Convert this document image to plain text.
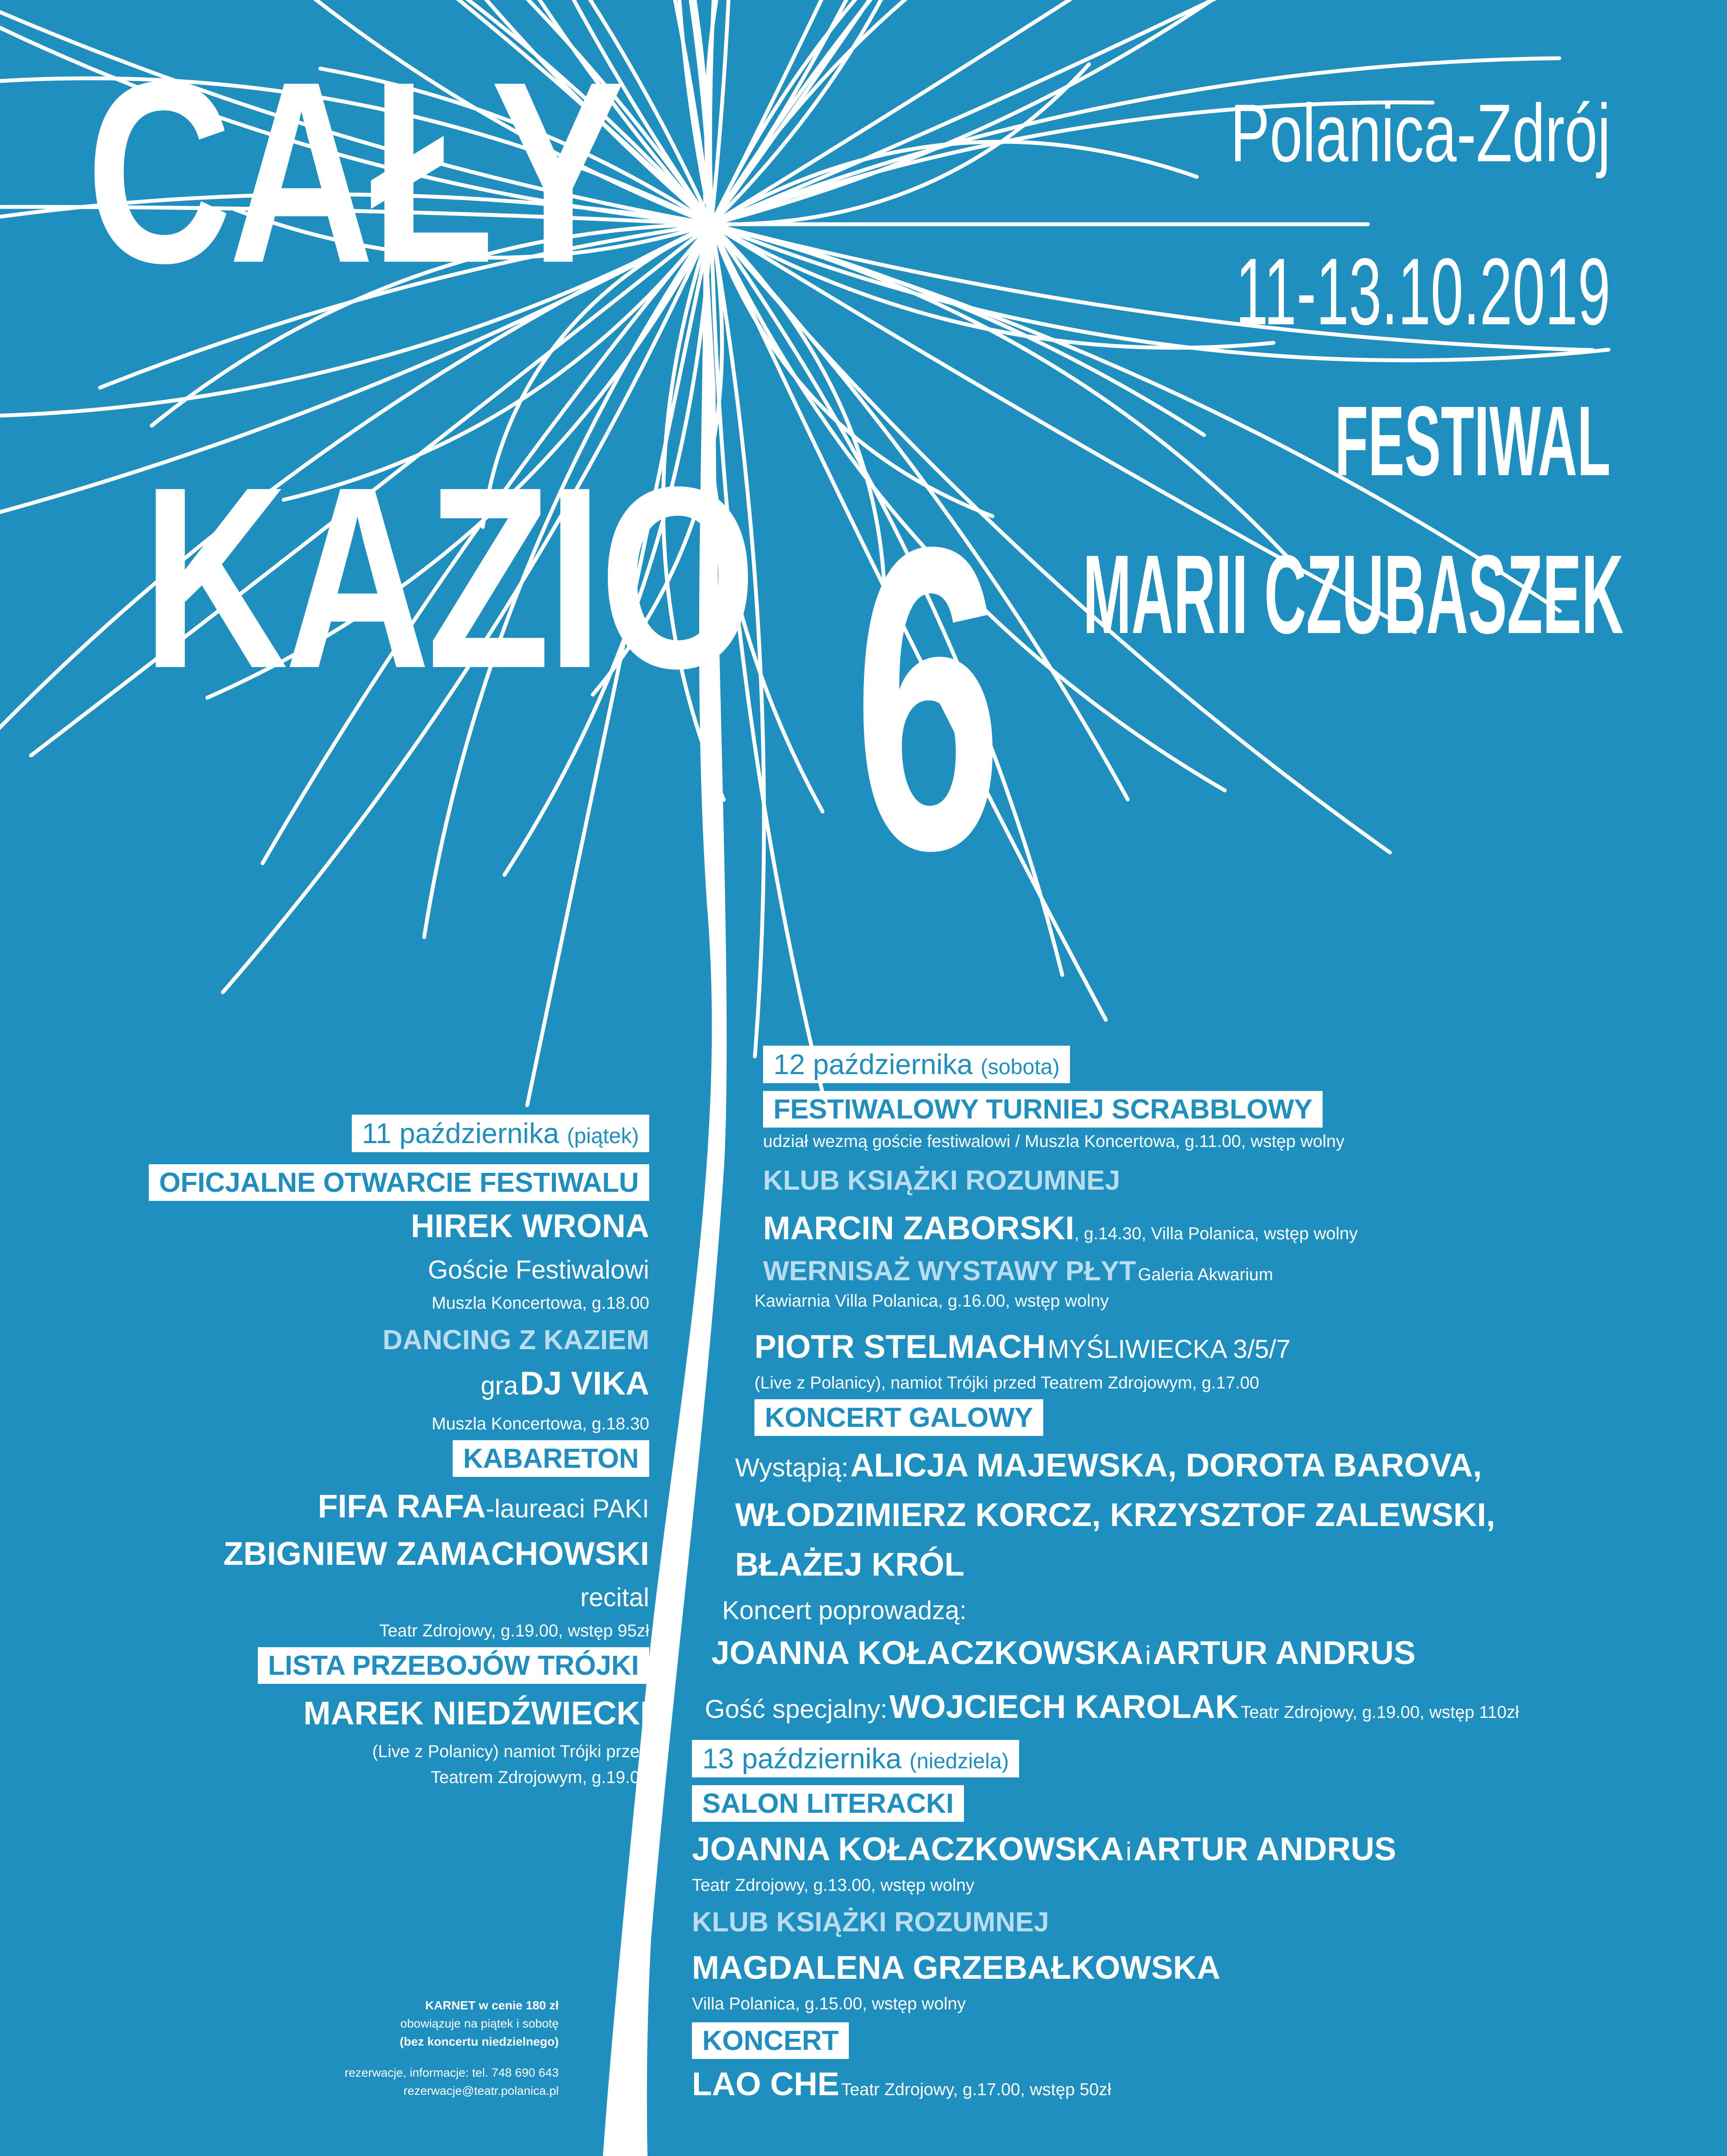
CAŁY
KAZIO 6
Polanica-Zdrój
11-13.10.2019
FESTIWAL
MARII CZUBASZEK
11 października (piątek)
OFICJALNE OTWARCIE FESTIWALU
HIREK WRONA
Goście Festiwalowi
Muszla Koncertowa, g.18.00
DANCING Z KAZIEM
gra DJ VIKA
Muszla Koncertowa, g.18.30
KABARETON
FIFA RAFA-laureaci PAKI
ZBIGNIEW ZAMACHOWSKI
recital
Teatr Zdrojowy, g.19.00, wstęp 95zł
LISTA PRZEBOJÓW TRÓJKI
MAREK NIEDŹWIECKI
(Live z Polanicy) namiot Trójki przed
Teatrem Zdrojowym, g.19.00
12 października (sobota)
FESTIWALOWY TURNIEJ SCRABBLOWY
udział wezmą goście festiwalowi / Muszla Koncertowa, g.11.00, wstęp wolny
KLUB KSIĄŻKI ROZUMNEJ
MARCIN ZABORSKI, g.14.30, Villa Polanica, wstęp wolny
WERNISAŻ WYSTAWY PŁYT Galeria Akwarium
Kawiarnia Villa Polanica, g.16.00, wstęp wolny
PIOTR STELMACH MYŚLIWIECKA 3/5/7
(Live z Polanicy), namiot Trójki przed Teatrem Zdrojowym, g.17.00
KONCERT GALOWY
Wystąpią: ALICJA MAJEWSKA, DOROTA BAROVA,
WŁODZIMIERZ KORCZ, KRZYSZTOF ZALEWSKI,
BŁAŻEJ KRÓL
Koncert poprowadzą:
JOANNA KOŁACZKOWSKA i ARTUR ANDRUS
Gość specjalny: WOJCIECH KAROLAK Teatr Zdrojowy, g.19.00, wstęp 110zł
13 października (niedziela)
SALON LITERACKI
JOANNA KOŁACZKOWSKA i ARTUR ANDRUS
Teatr Zdrojowy, g.13.00, wstęp wolny
KLUB KSIĄŻKI ROZUMNEJ
MAGDALENA GRZEBAŁKOWSKA
Villa Polanica, g.15.00, wstęp wolny
KONCERT
LAO CHE Teatr Zdrojowy, g.17.00, wstęp 50zł
KARNET w cenie 180 zł
obowiązuje na piątek i sobotę
(bez koncertu niedzielnego)
rezerwacje, informacje: tel. 748 690 643
rezerwacje@teatr.polanica.pl
